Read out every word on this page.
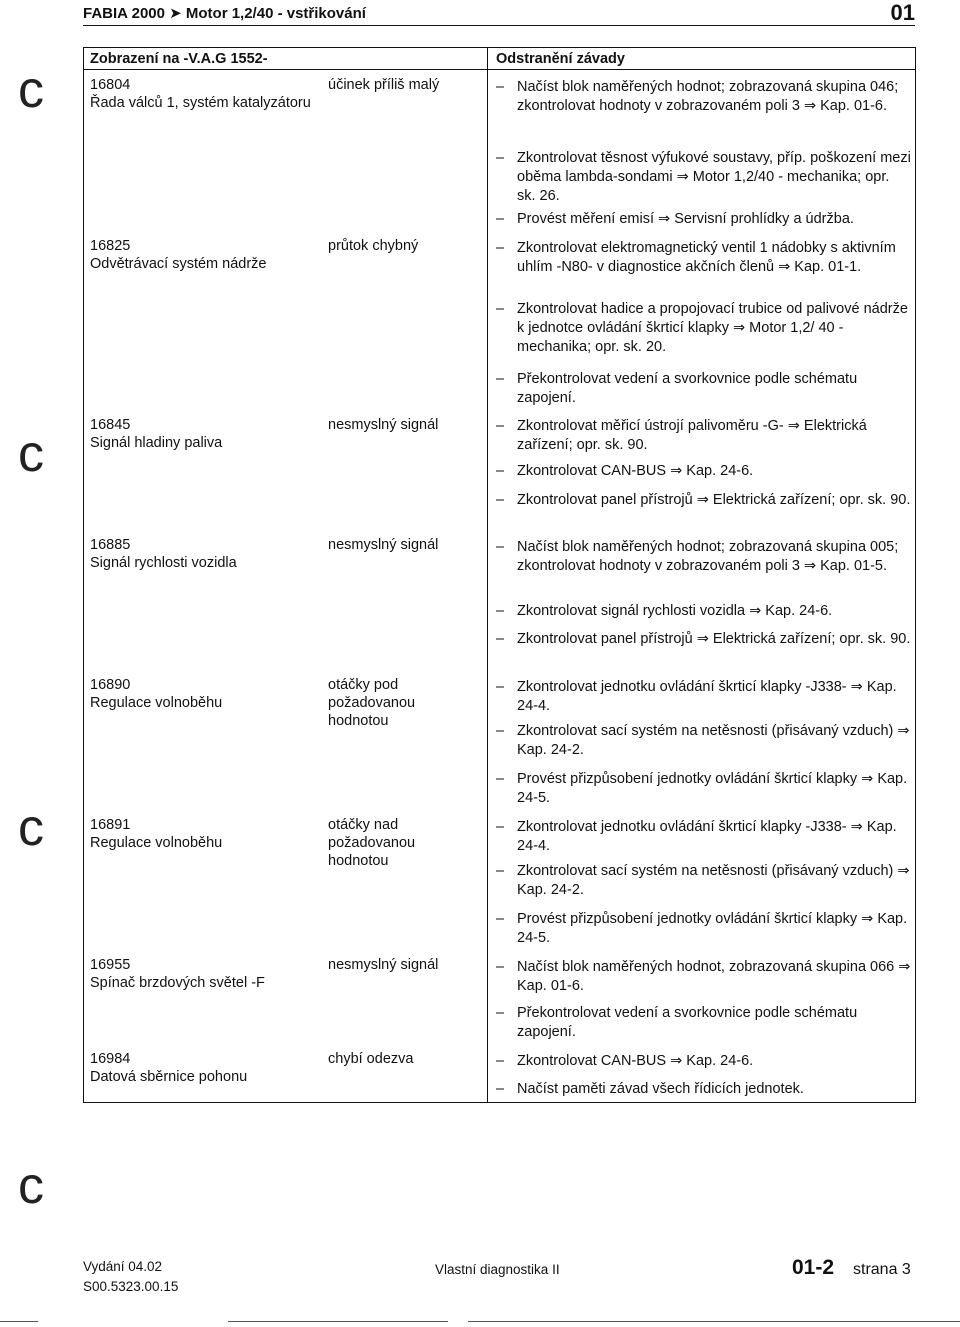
FABIA 2000 ➤ Motor 1,2/40 - vstřikování	01
c
c
c
c
Zobrazení na -V.A.G 1552-	Odstranění závady
16804
Řada válců 1, systém katalyzátoru
účinek příliš malý	– Načíst blok naměřených hodnot; zobrazovaná skupina 046; zkontrolovat hodnoty v zobrazovaném poli 3 ⇒ Kap. 01-6.
– Zkontrolovat těsnost výfukové soustavy, příp. poškození mezi oběma lambda-sondami ⇒ Motor 1,2/40 - mechanika; opr. sk. 26.
– Provést měření emisí ⇒ Servisní prohlídky a údržba.
16825
Odvětrávací systém nádrže
průtok chybný	– Zkontrolovat elektromagnetický ventil 1 nádobky s aktivním uhlím -N80- v diagnostice akčních členů ⇒ Kap. 01-1.
– Zkontrolovat hadice a propojovací trubice od palivové nádrže k jednotce ovládání škrticí klapky ⇒ Motor 1,2/ 40 - mechanika; opr. sk. 20.
– Překontrolovat vedení a svorkovnice podle schématu zapojení.
16845
Signál hladiny paliva
nesmyslný signál	– Zkontrolovat měřicí ústrojí palivoměru -G- ⇒ Elektrická zařízení; opr. sk. 90.
– Zkontrolovat CAN-BUS ⇒ Kap. 24-6.
– Zkontrolovat panel přístrojů ⇒ Elektrická zařízení; opr. sk. 90.
16885
Signál rychlosti vozidla
nesmyslný signál	– Načíst blok naměřených hodnot; zobrazovaná skupina 005; zkontrolovat hodnoty v zobrazovaném poli 3 ⇒ Kap. 01-5.
– Zkontrolovat signál rychlosti vozidla ⇒ Kap. 24-6.
– Zkontrolovat panel přístrojů ⇒ Elektrická zařízení; opr. sk. 90.
16890
Regulace volnoběhu
otáčky pod požadovanou hodnotou
– Zkontrolovat jednotku ovládání škrticí klapky -J338- ⇒ Kap. 24-4.
– Zkontrolovat sací systém na netěsnosti (přisávaný vzduch) ⇒ Kap. 24-2.
– Provést přizpůsobení jednotky ovládání škrticí klapky ⇒ Kap. 24-5.
16891
Regulace volnoběhu
otáčky nad požadovanou hodnotou
– Zkontrolovat jednotku ovládání škrticí klapky -J338- ⇒ Kap. 24-4.
– Zkontrolovat sací systém na netěsnosti (přisávaný vzduch) ⇒ Kap. 24-2.
– Provést přizpůsobení jednotky ovládání škrticí klapky ⇒ Kap. 24-5.
16955
Spínač brzdových světel -F
nesmyslný signál	– Načíst blok naměřených hodnot, zobrazovaná skupina 066 ⇒ Kap. 01-6.
– Překontrolovat vedení a svorkovnice podle schématu zapojení.
16984
Datová sběrnice pohonu
chybí odezva	– Zkontrolovat CAN-BUS ⇒ Kap. 24-6.
– Načíst paměti závad všech řídicích jednotek.
Vydání 04.02
S00.5323.00.15
Vlastní diagnostika II	01-2 strana 3
